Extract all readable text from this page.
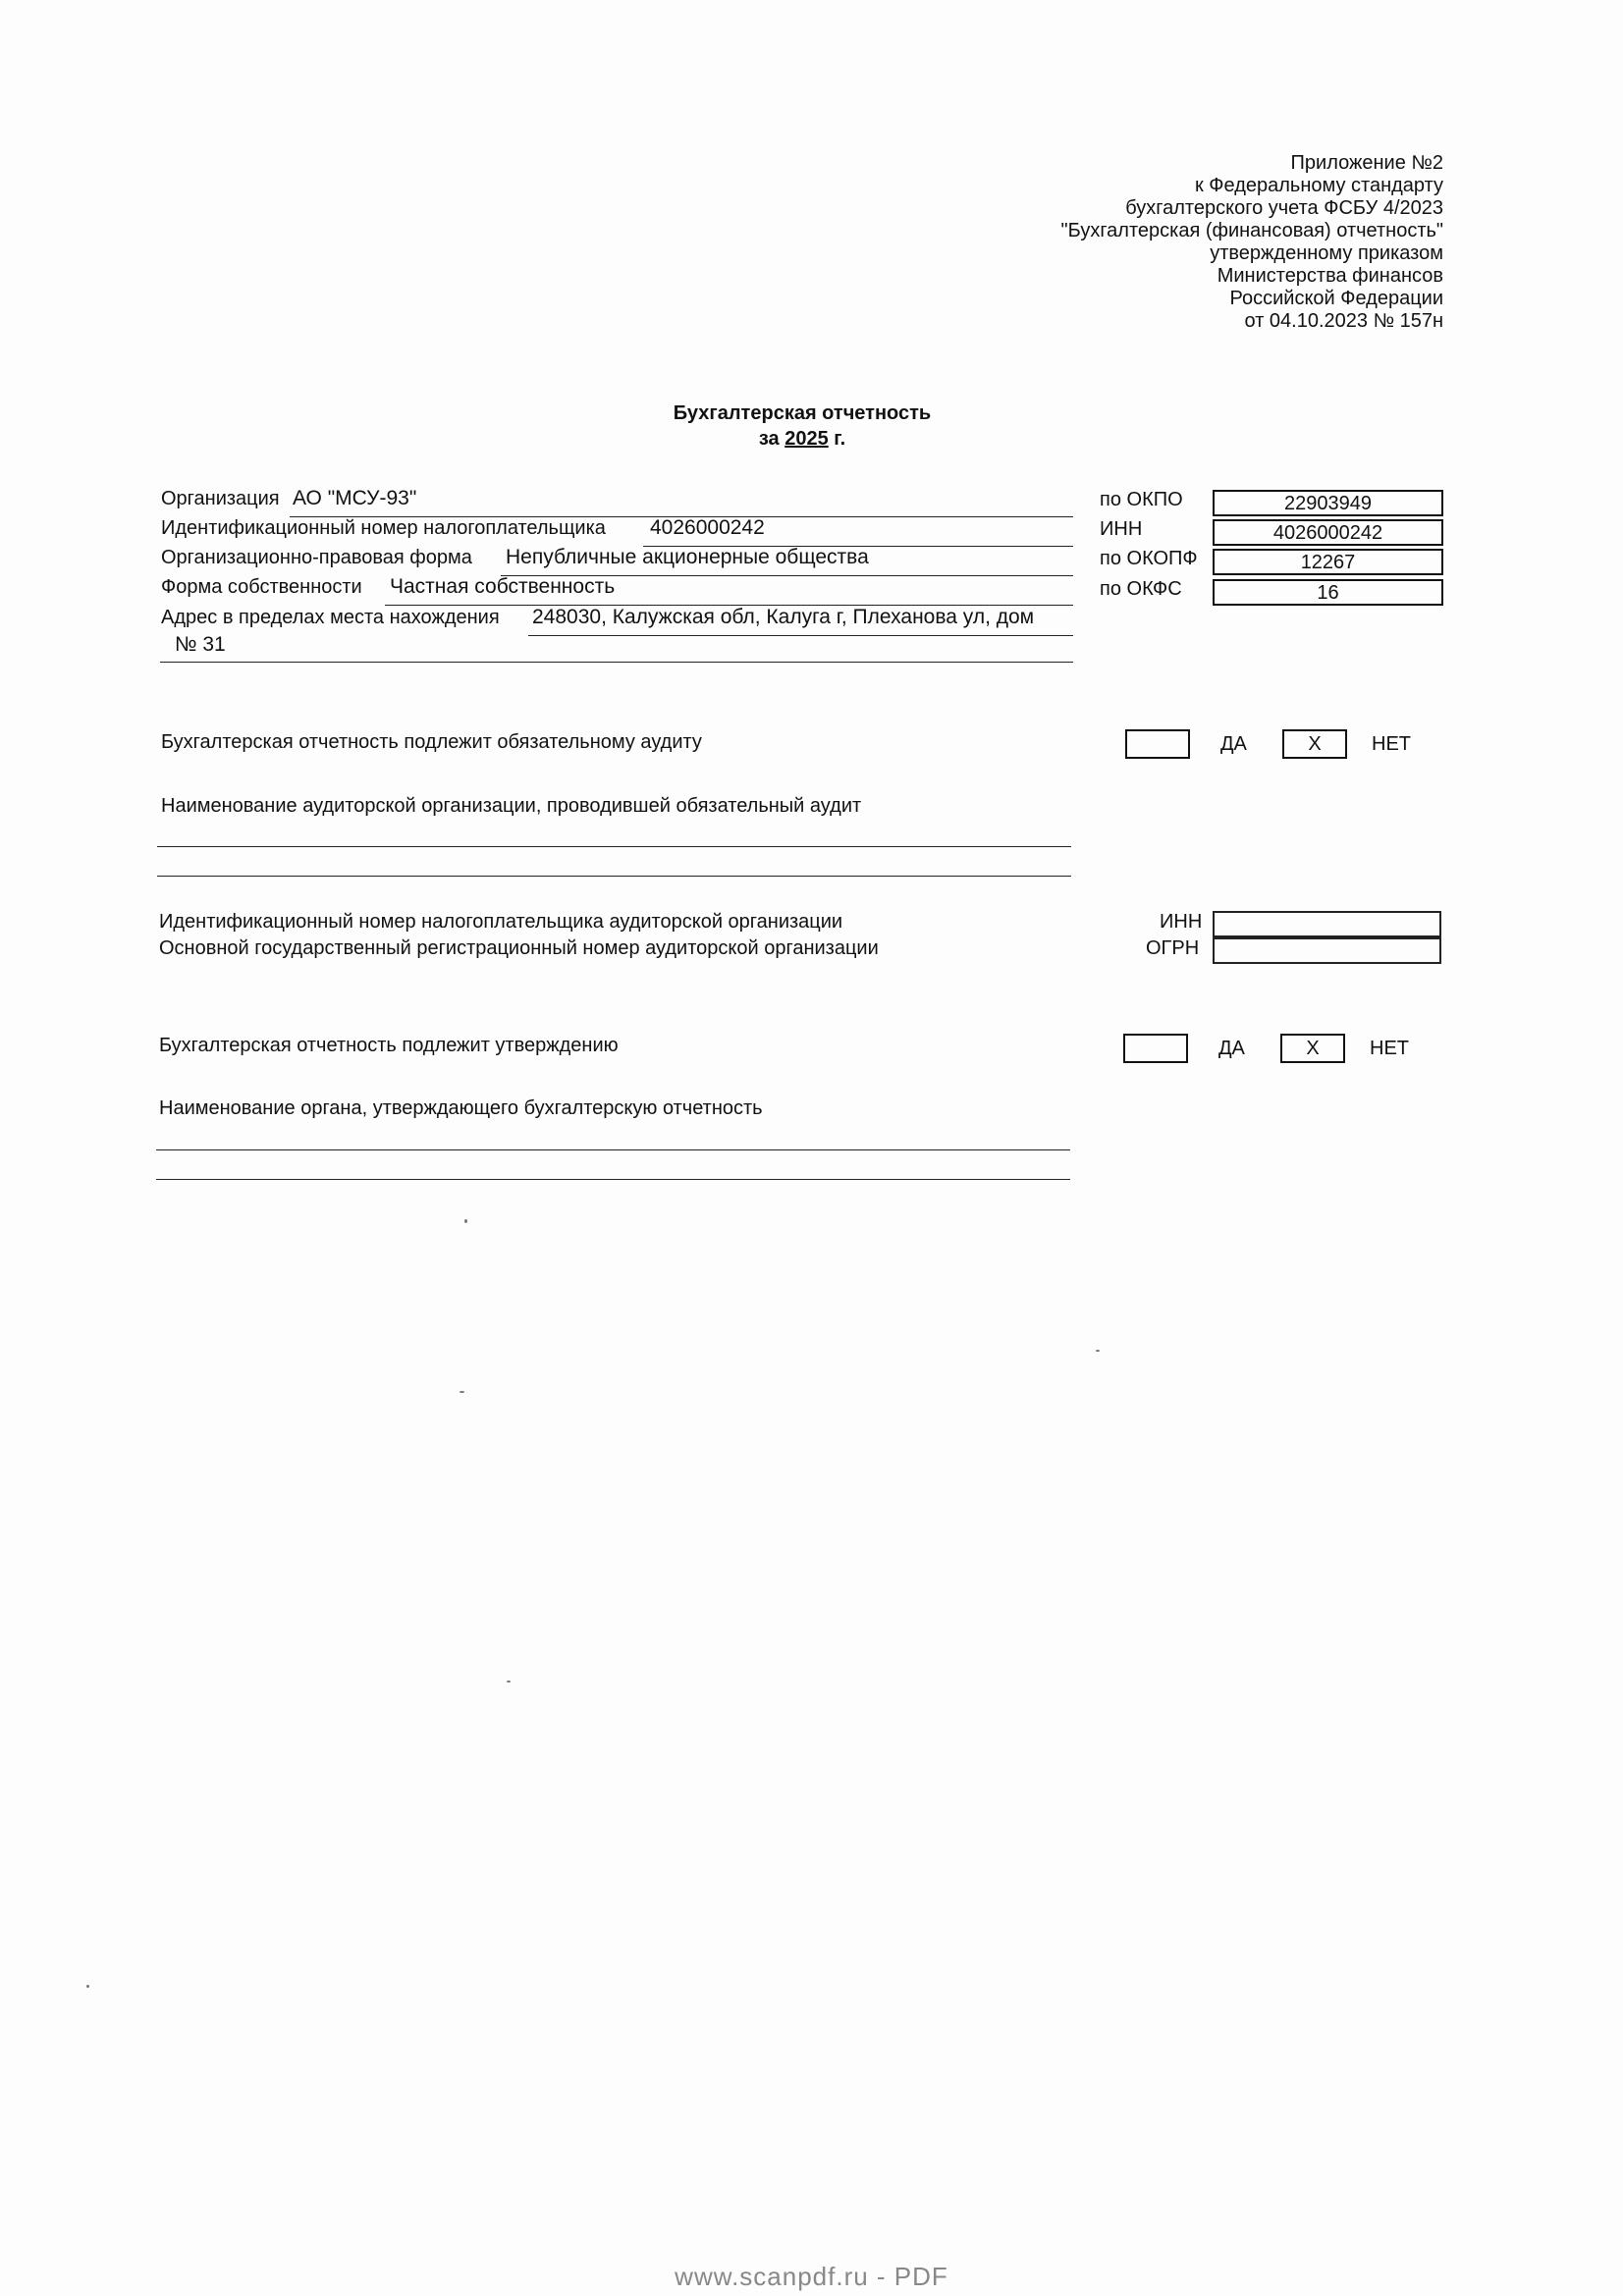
Приложение №2
к Федеральному стандарту
бухгалтерского учета ФСБУ 4/2023
"Бухгалтерская (финансовая) отчетность"
утвержденному приказом
Министерства финансов
Российской Федерации
от 04.10.2023 № 157н
Бухгалтерская отчетность
за 2025 г.
Организация АО "МСУ-93"
Идентификационный номер налогоплательщика 4026000242
Организационно-правовая форма Непубличные акционерные общества
Форма собственности Частная собственность
Адрес в пределах места нахождения 248030, Калужская обл, Калуга г, Плеханова ул, дом
№ 31
по ОКПО	22903949
ИНН	4026000242
по ОКОПФ	12267
по ОКФС	16
Бухгалтерская отчетность подлежит обязательному аудиту	ДА	X	НЕТ
Наименование аудиторской организации, проводившей обязательный аудит
Идентификационный номер налогоплательщика аудиторской организации
Основной государственный регистрационный номер аудиторской организации
ИНН
ОГРН
Бухгалтерская отчетность подлежит утверждению	ДА	X	НЕТ
Наименование органа, утверждающего бухгалтерскую отчетность
www.scanpdf.ru - PDF
